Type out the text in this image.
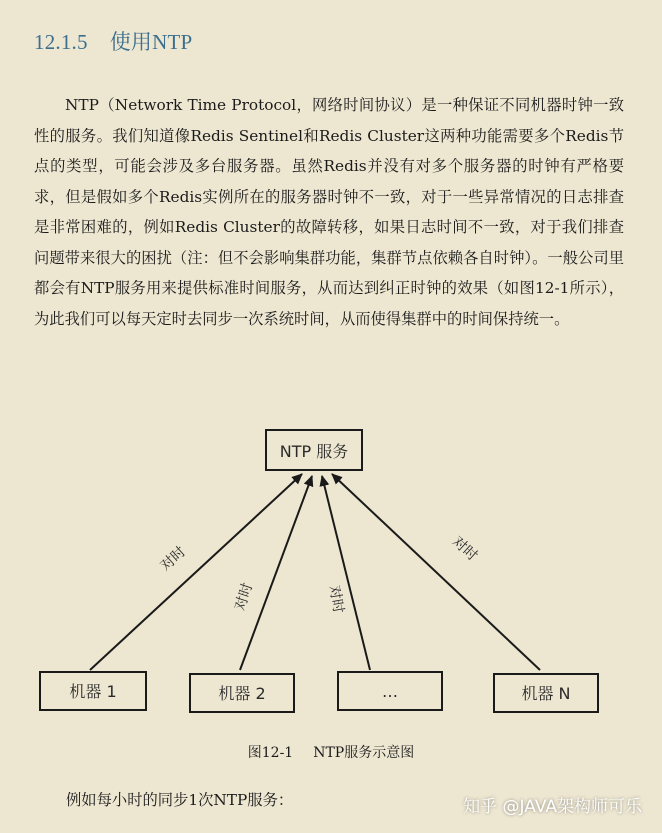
12.1.5 使用NTP
NTP（Network Time Protocol，网络时间协议）是一种保证不同机器时钟一致性的服务。我们知道像Redis Sentinel和Redis Cluster这两种功能需要多个Redis节点的类型，可能会涉及多台服务器。虽然Redis并没有对多个服务器的时钟有严格要求，但是假如多个Redis实例所在的服务器时钟不一致，对于一些异常情况的日志排查是非常困难的，例如Redis Cluster的故障转移，如果日志时间不一致，对于我们排查问题带来很大的困扰（注：但不会影响集群功能，集群节点依赖各自时钟）。一般公司里都会有NTP服务用来提供标准时间服务，从而达到纠正时钟的效果（如图12-1所示），为此我们可以每天定时去同步一次系统时间，从而使得集群中的时间保持统一。
NTP 服务
对时
对时	对时
对时
机器 1	机器 2	…	机器 N
图12-1 NTP服务示意图
例如每小时的同步1次NTP服务：	知乎 @JAVA架构师可乐
